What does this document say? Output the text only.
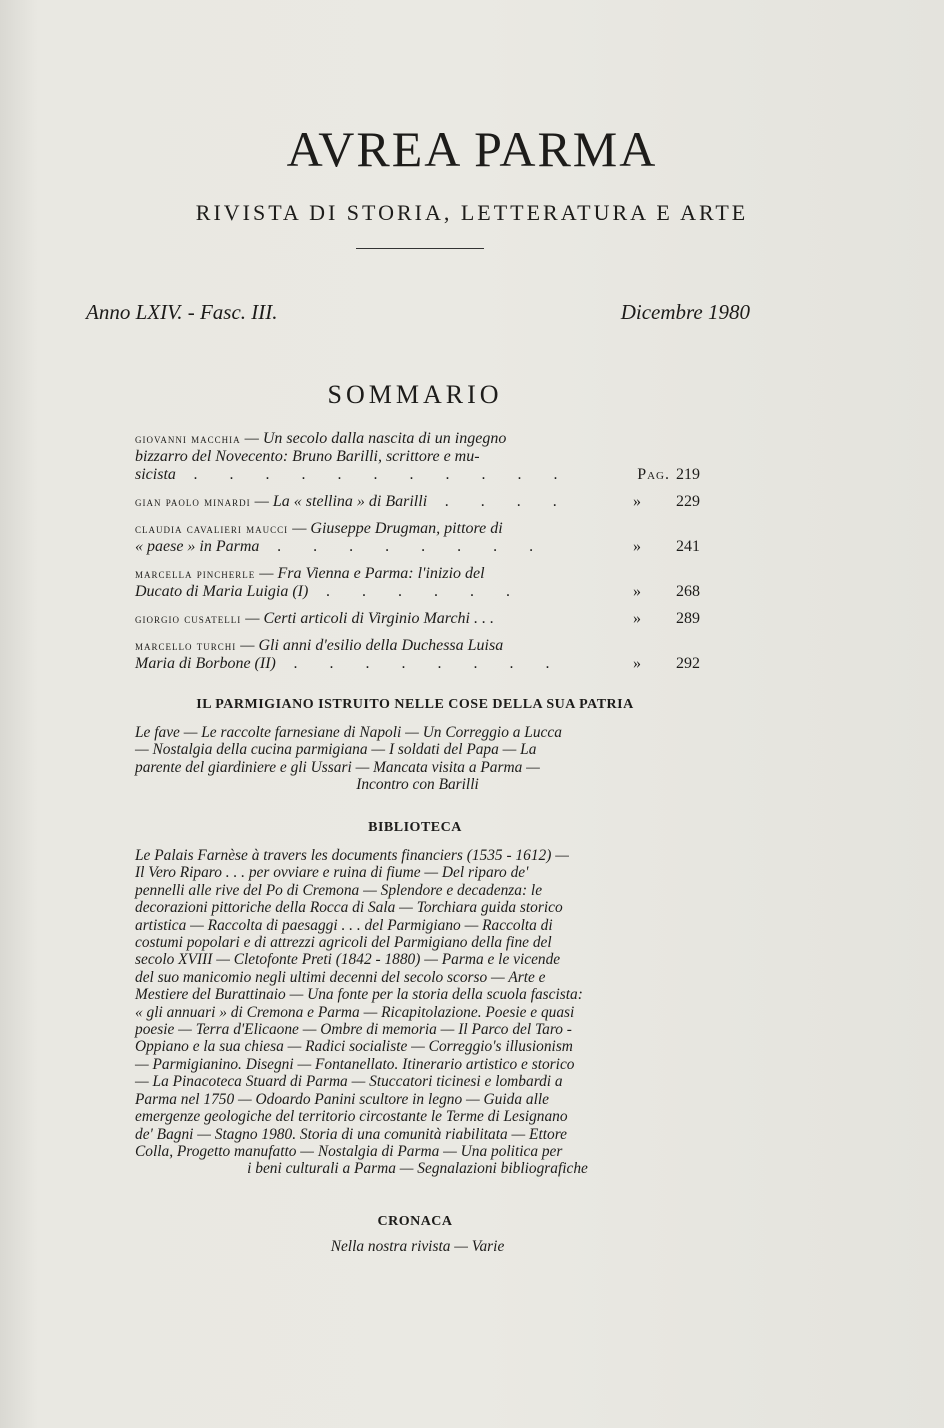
AVREA PARMA
RIVISTA DI STORIA, LETTERATURA E ARTE
Anno LXIV. - Fasc. III.	Dicembre 1980
SOMMARIO
giovanni macchia — Un secolo dalla nascita di un ingegno
bizzarro del Novecento: Bruno Barilli, scrittore e mu-
sicista . . . . . . . . . . .	Pag. 219
gian paolo minardi — La « stellina » di Barilli . . . .	» 229
claudia cavalieri maucci — Giuseppe Drugman, pittore di
« paese » in Parma . . . . . . . .	» 241
marcella pincherle — Fra Vienna e Parma: l'inizio del
Ducato di Maria Luigia (I) . . . . . .	» 268
giorgio cusatelli — Certi articoli di Virginio Marchi . . .	» 289
marcello turchi — Gli anni d'esilio della Duchessa Luisa
Maria di Borbone (II) . . . . . . . .	» 292
IL PARMIGIANO ISTRUITO NELLE COSE DELLA SUA PATRIA
Le fave — Le raccolte farnesiane di Napoli — Un Correggio a Lucca
— Nostalgia della cucina parmigiana — I soldati del Papa — La
parente del giardiniere e gli Ussari — Mancata visita a Parma —
Incontro con Barilli
BIBLIOTECA
Le Palais Farnèse à travers les documents financiers (1535 - 1612) —
Il Vero Riparo . . . per ovviare e ruina di fiume — Del riparo de'
pennelli alle rive del Po di Cremona — Splendore e decadenza: le
decorazioni pittoriche della Rocca di Sala — Torchiara guida storico
artistica — Raccolta di paesaggi . . . del Parmigiano — Raccolta di
costumi popolari e di attrezzi agricoli del Parmigiano della fine del
secolo XVIII — Cletofonte Preti (1842 - 1880) — Parma e le vicende
del suo manicomio negli ultimi decenni del secolo scorso — Arte e
Mestiere del Burattinaio — Una fonte per la storia della scuola fascista:
« gli annuari » di Cremona e Parma — Ricapitolazione. Poesie e quasi
poesie — Terra d'Elicaone — Ombre di memoria — Il Parco del Taro -
Oppiano e la sua chiesa — Radici socialiste — Correggio's illusionism
— Parmigianino. Disegni — Fontanellato. Itinerario artistico e storico
— La Pinacoteca Stuard di Parma — Stuccatori ticinesi e lombardi a
Parma nel 1750 — Odoardo Panini scultore in legno — Guida alle
emergenze geologiche del territorio circostante le Terme di Lesignano
de' Bagni — Stagno 1980. Storia di una comunità riabilitata — Ettore
Colla, Progetto manufatto — Nostalgia di Parma — Una politica per
i beni culturali a Parma — Segnalazioni bibliografiche
CRONACA
Nella nostra rivista — Varie
